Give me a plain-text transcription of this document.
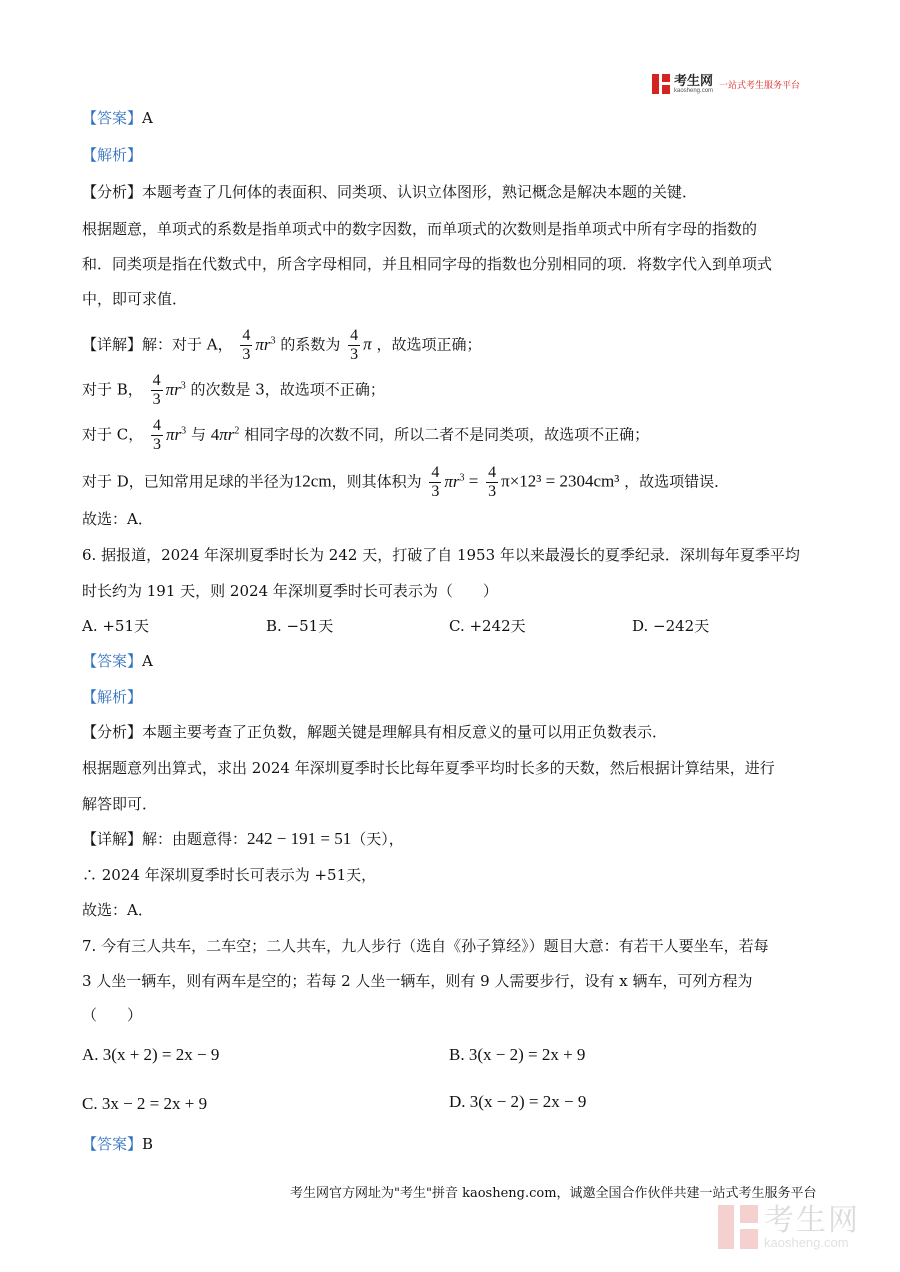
考生网
kaosheng.com 一站式考生服务平台
【答案】A
【解析】
【分析】本题考查了几何体的表面积、同类项、认识立体图形，熟记概念是解决本题的关键．
根据题意，单项式的系数是指单项式中的数字因数，而单项式的次数则是指单项式中所有字母的指数的
和．同类项是指在代数式中，所含字母相同，并且相同字母的指数也分别相同的项．将数字代入到单项式
中，即可求值．
【详解】解：对于 A， $\frac{4}{3} \pi r^3$ 的系数为 $\frac{4}{3}$ π ，故选项正确；
对于 B， $\frac{4}{3} \pi r^3$ 的次数是 3，故选项不正确；
对于 C， $\frac{4}{3} \pi r^3$ 与 $4\pi r^2$ 相同字母的次数不同，所以二者不是同类项，故选项不正确；
对于 D，已知常用足球的半径为12cm，则其体积为 $\frac{4}{3} \pi r^3 = \frac{4}{3} \pi\times 12^3 = 2304cm^3$ ，故选项错误．
故选：A．
6. 据报道，2024 年深圳夏季时长为 242 天，打破了自 1953 年以来最漫长的夏季纪录．深圳每年夏季平均
时长约为 191 天，则 2024 年深圳夏季时长可表示为（　　）
A. +51天	B. −51天	C. +242天	D. −242天
【答案】A
【解析】
【分析】本题主要考查了正负数，解题关键是理解具有相反意义的量可以用正负数表示．
根据题意列出算式，求出 2024 年深圳夏季时长比每年夏季平均时长多的天数，然后根据计算结果，进行
解答即可．
【详解】解：由题意得：242 − 191 = 51（天），
∴ 2024 年深圳夏季时长可表示为 +51天，
故选：A．
7. 今有三人共车，二车空；二人共车，九人步行（选自《孙子算经》）题目大意：有若干人要坐车，若每
3 人坐一辆车，则有两车是空的；若每 2 人坐一辆车，则有 9 人需要步行，设有 x 辆车，可列方程为
（　　）
A. 3(x + 2) = 2x − 9	B. 3(x − 2) = 2x + 9
C. 3x − 2 = 2x + 9	D. 3(x − 2) = 2x − 9
【答案】B
考生网官方网址为"考生"拼音 kaosheng.com，诚邀全国合作伙伴共建一站式考生服务平台
考生网
kaosheng.com
